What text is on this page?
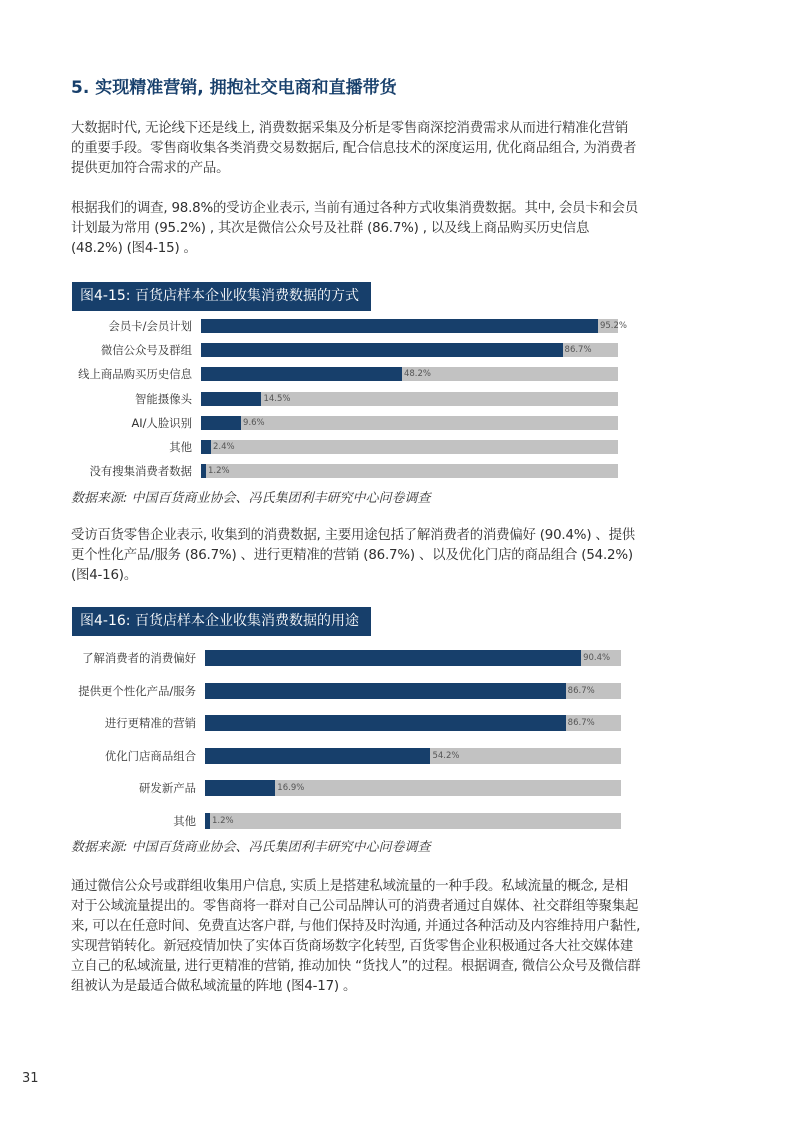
5. 实现精准营销, 拥抱社交电商和直播带货

大数据时代, 无论线下还是线上, 消费数据采集及分析是零售商深挖消费需求从而进行精准化营销的重要手段。零售商收集各类消费交易数据后, 配合信息技术的深度运用, 优化商品组合, 为消费者提供更加符合需求的产品。

根据我们的调查, 98.8%的受访企业表示, 当前有通过各种方式收集消费数据。其中, 会员卡和会员计划最为常用 (95.2%) , 其次是微信公众号及社群 (86.7%) , 以及线上商品购买历史信息 (48.2%) (图4-15) 。

图4-15: 百货店样本企业收集消费数据的方式
会员卡/会员计划	95.2%
微信公众号及群组	86.7%
线上商品购买历史信息	48.2%
智能摄像头	14.5%
AI/人脸识别	9.6%
其他 2.4%
没有搜集消费者数据 1.2%

数据来源: 中国百货商业协会、冯氏集团利丰研究中心问卷调查

受访百货零售企业表示, 收集到的消费数据, 主要用途包括了解消费者的消费偏好 (90.4%) 、提供更个性化产品/服务 (86.7%) 、进行更精准的营销 (86.7%) 、以及优化门店的商品组合 (54.2%) (图4-16)。

图4-16: 百货店样本企业收集消费数据的用途
了解消费者的消费偏好	90.4%
提供更个性化产品/服务	86.7%
进行更精准的营销	86.7%
优化门店商品组合	54.2%
研发新产品	16.9%
其他 1.2%

数据来源: 中国百货商业协会、冯氏集团利丰研究中心问卷调查

通过微信公众号或群组收集用户信息, 实质上是搭建私域流量的一种手段。私域流量的概念, 是相对于公域流量提出的。零售商将一群对自己公司品牌认可的消费者通过自媒体、社交群组等聚集起来, 可以在任意时间、免费直达客户群, 与他们保持及时沟通, 并通过各种活动及内容维持用户黏性, 实现营销转化。新冠疫情加快了实体百货商场数字化转型, 百货零售企业积极通过各大社交媒体建立自己的私域流量, 进行更精准的营销, 推动加快 “货找人”的过程。根据调查, 微信公众号及微信群组被认为是最适合做私域流量的阵地 (图4-17) 。

31
